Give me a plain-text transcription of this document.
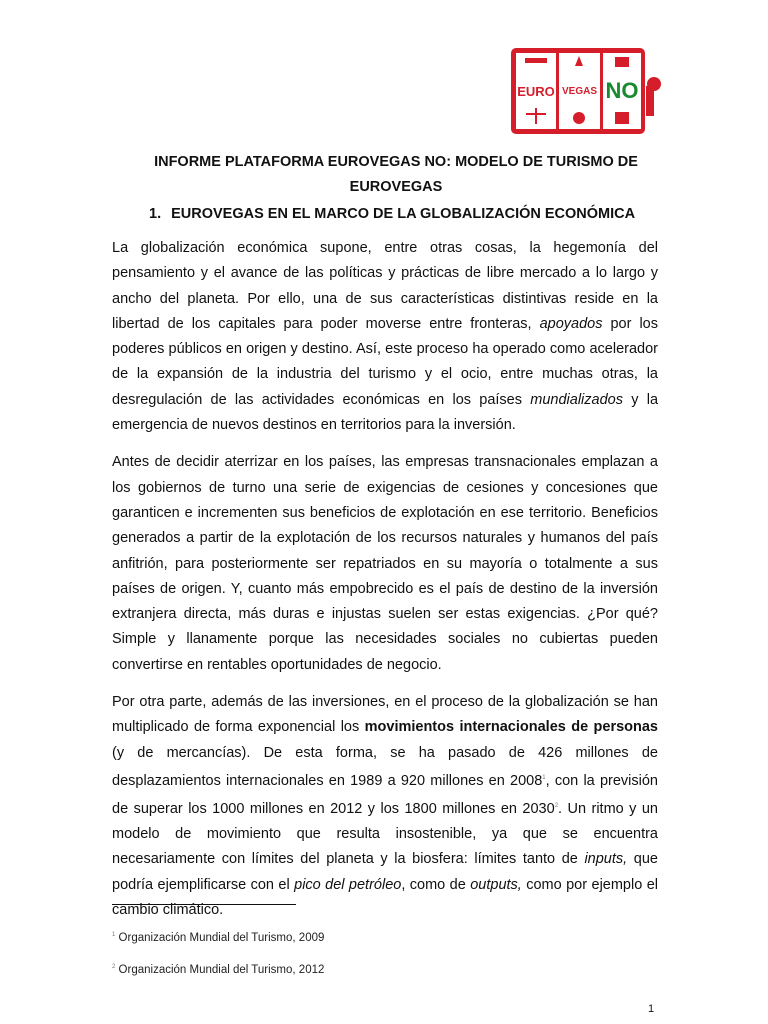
EURO VEGAS NO
INFORME PLATAFORMA EUROVEGAS NO: MODELO DE TURISMO DE
EUROVEGAS
1. EUROVEGAS EN EL MARCO DE LA GLOBALIZACIÓN ECONÓMICA

La globalización económica supone, entre otras cosas, la hegemonía del pensamiento y el avance de las políticas y prácticas de libre mercado a lo largo y ancho del planeta. Por ello, una de sus características distintivas reside en la libertad de los capitales para poder moverse entre fronteras, apoyados por los poderes públicos en origen y destino. Así, este proceso ha operado como acelerador de la expansión de la industria del turismo y el ocio, entre muchas otras, la desregulación de las actividades económicas en los países mundializados y la emergencia de nuevos destinos en territorios para la inversión.

Antes de decidir aterrizar en los países, las empresas transnacionales emplazan a los gobiernos de turno una serie de exigencias de cesiones y concesiones que garanticen e incrementen sus beneficios de explotación en ese territorio. Beneficios generados a partir de la explotación de los recursos naturales y humanos del país anfitrión, para posteriormente ser repatriados en su mayoría o totalmente a sus países de origen. Y, cuanto más empobrecido es el país de destino de la inversión extranjera directa, más duras e injustas suelen ser estas exigencias. ¿Por qué? Simple y llanamente porque las necesidades sociales no cubiertas pueden convertirse en rentables oportunidades de negocio.

Por otra parte, además de las inversiones, en el proceso de la globalización se han multiplicado de forma exponencial los movimientos internacionales de personas (y de mercancías). De esta forma, se ha pasado de 426 millones de desplazamientos internacionales en 1989 a 920 millones en 2008$^1$, con la previsión de superar los 1000 millones en 2012 y los 1800 millones en 2030$^2$. Un ritmo y un modelo de movimiento que resulta insostenible, ya que se encuentra necesariamente con límites del planeta y la biosfera: límites tanto de inputs, que podría ejemplificarse con el pico del petróleo, como de outputs, como por ejemplo el cambio climático.

$^1$ Organización Mundial del Turismo, 2009
$^2$ Organización Mundial del Turismo, 2012
1
